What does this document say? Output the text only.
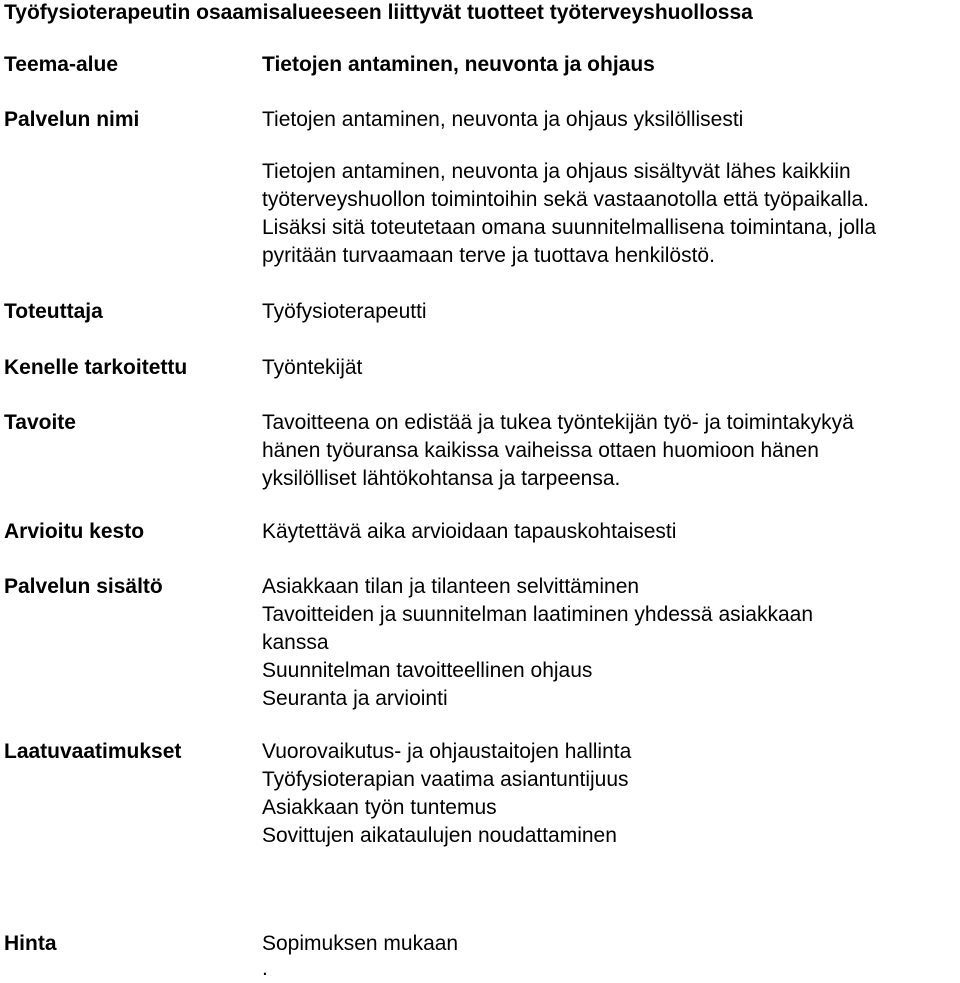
Työfysioterapeutin osaamisalueeseen liittyvät tuotteet työterveyshuollossa
Teema-alue	Tietojen antaminen, neuvonta ja ohjaus
Palvelun nimi	Tietojen antaminen, neuvonta ja ohjaus yksilöllisesti
Tietojen antaminen, neuvonta ja ohjaus sisältyvät lähes kaikkiin
työterveyshuollon toimintoihin sekä vastaanotolla että työpaikalla.
Lisäksi sitä toteutetaan omana suunnitelmallisena toimintana, jolla
pyritään turvaamaan terve ja tuottava henkilöstö.
Toteuttaja	Työfysioterapeutti
Kenelle tarkoitettu	Työntekijät
Tavoite	Tavoitteena on edistää ja tukea työntekijän työ- ja toimintakykyä
hänen työuransa kaikissa vaiheissa ottaen huomioon hänen
yksilölliset lähtökohtansa ja tarpeensa.
Arvioitu kesto	Käytettävä aika arvioidaan tapauskohtaisesti
Palvelun sisältö	Asiakkaan tilan ja tilanteen selvittäminen
Tavoitteiden ja suunnitelman laatiminen yhdessä asiakkaan
kanssa
Suunnitelman tavoitteellinen ohjaus
Seuranta ja arviointi
Laatuvaatimukset	Vuorovaikutus- ja ohjaustaitojen hallinta
Työfysioterapian vaatima asiantuntijuus
Asiakkaan työn tuntemus
Sovittujen aikataulujen noudattaminen
Hinta	Sopimuksen mukaan
.
